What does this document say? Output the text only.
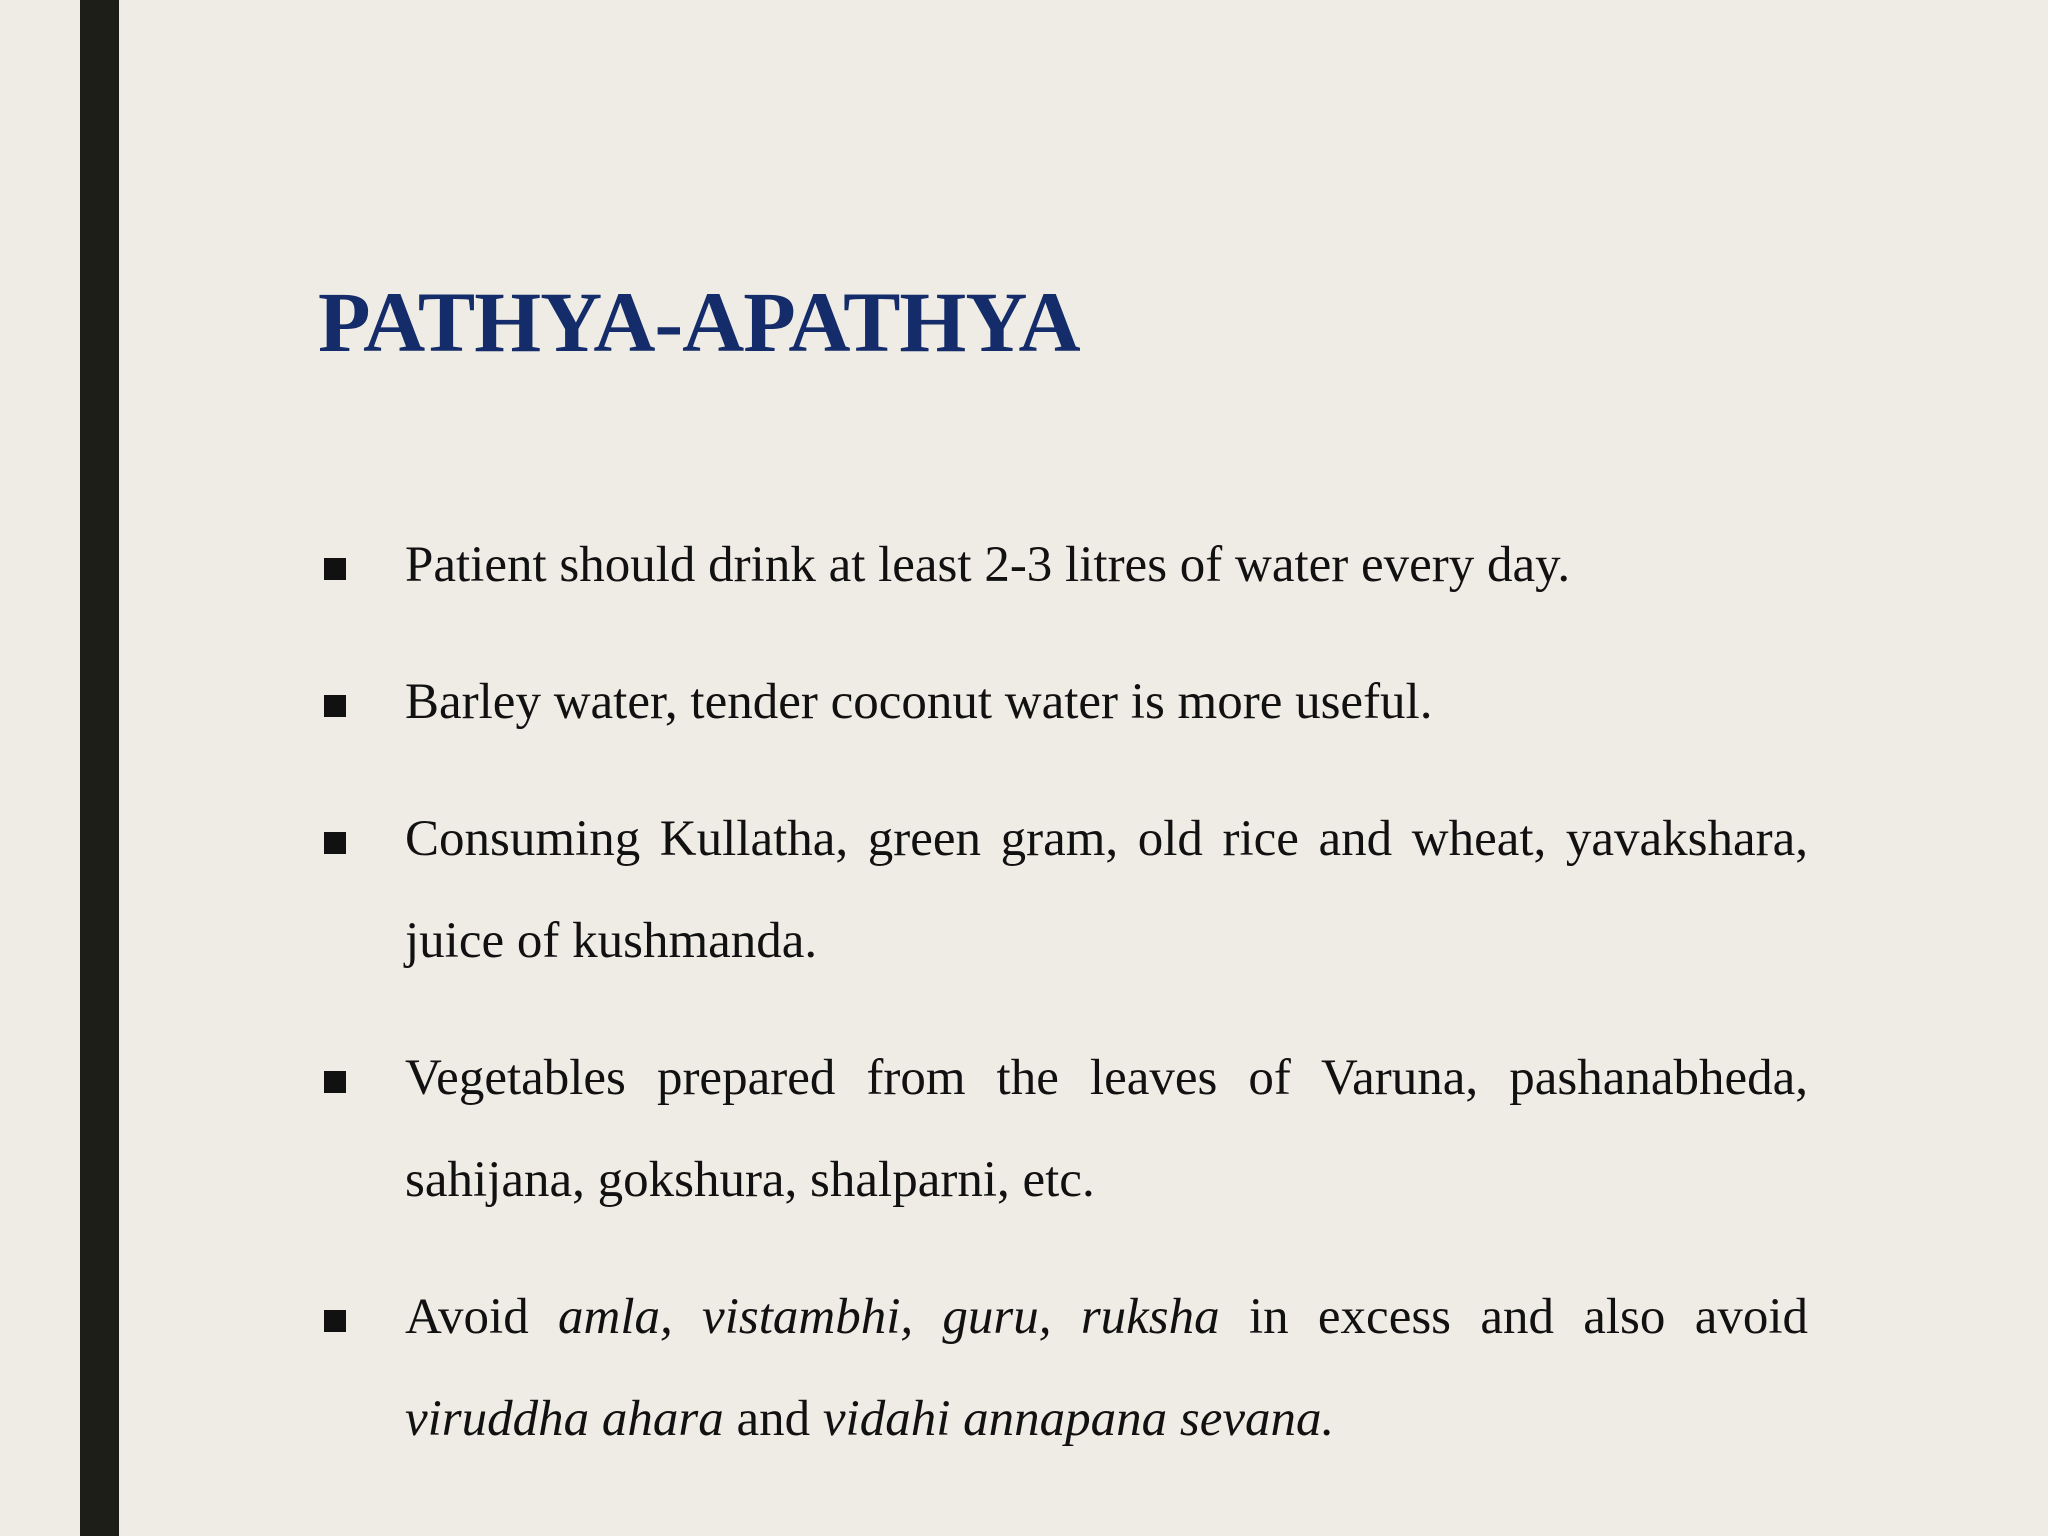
PATHYA-APATHYA
Patient should drink at least 2-3 litres of water every day.
Barley water, tender coconut water is more useful.
Consuming Kullatha, green gram, old rice and wheat, yavakshara, juice of kushmanda.
Vegetables prepared from the leaves of Varuna, pashanabheda, sahijana, gokshura, shalparni, etc.
Avoid amla, vistambhi, guru, ruksha in excess and also avoid viruddha ahara and vidahi annapana sevana.
